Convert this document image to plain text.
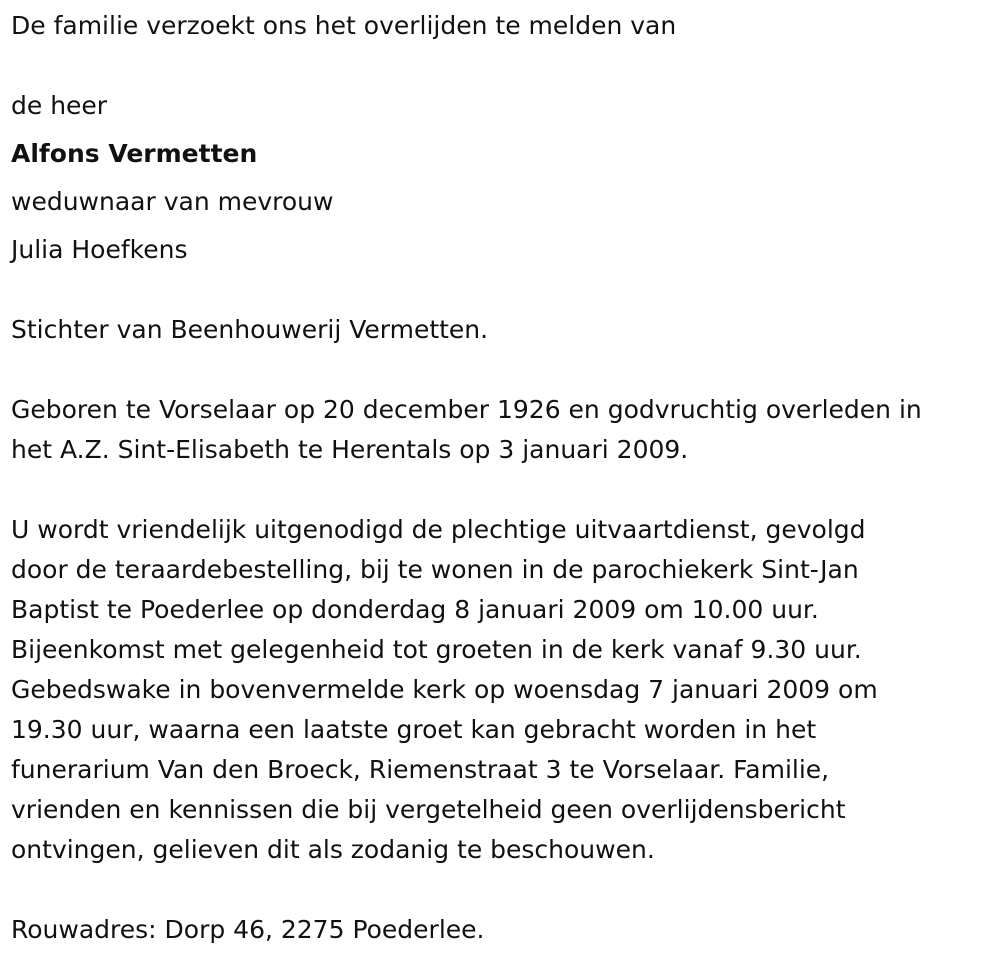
De familie verzoekt ons het overlijden te melden van
de heer
Alfons Vermetten
weduwnaar van mevrouw
Julia Hoefkens
Stichter van Beenhouwerij Vermetten.
Geboren te Vorselaar op 20 december 1926 en godvruchtig overleden in
het A.Z. Sint-Elisabeth te Herentals op 3 januari 2009.
U wordt vriendelijk uitgenodigd de plechtige uitvaartdienst, gevolgd
door de teraardebestelling, bij te wonen in de parochiekerk Sint-Jan
Baptist te Poederlee op donderdag 8 januari 2009 om 10.00 uur.
Bijeenkomst met gelegenheid tot groeten in de kerk vanaf 9.30 uur.
Gebedswake in bovenvermelde kerk op woensdag 7 januari 2009 om
19.30 uur, waarna een laatste groet kan gebracht worden in het
funerarium Van den Broeck, Riemenstraat 3 te Vorselaar. Familie,
vrienden en kennissen die bij vergetelheid geen overlijdensbericht
ontvingen, gelieven dit als zodanig te beschouwen.
Rouwadres: Dorp 46, 2275 Poederlee.
